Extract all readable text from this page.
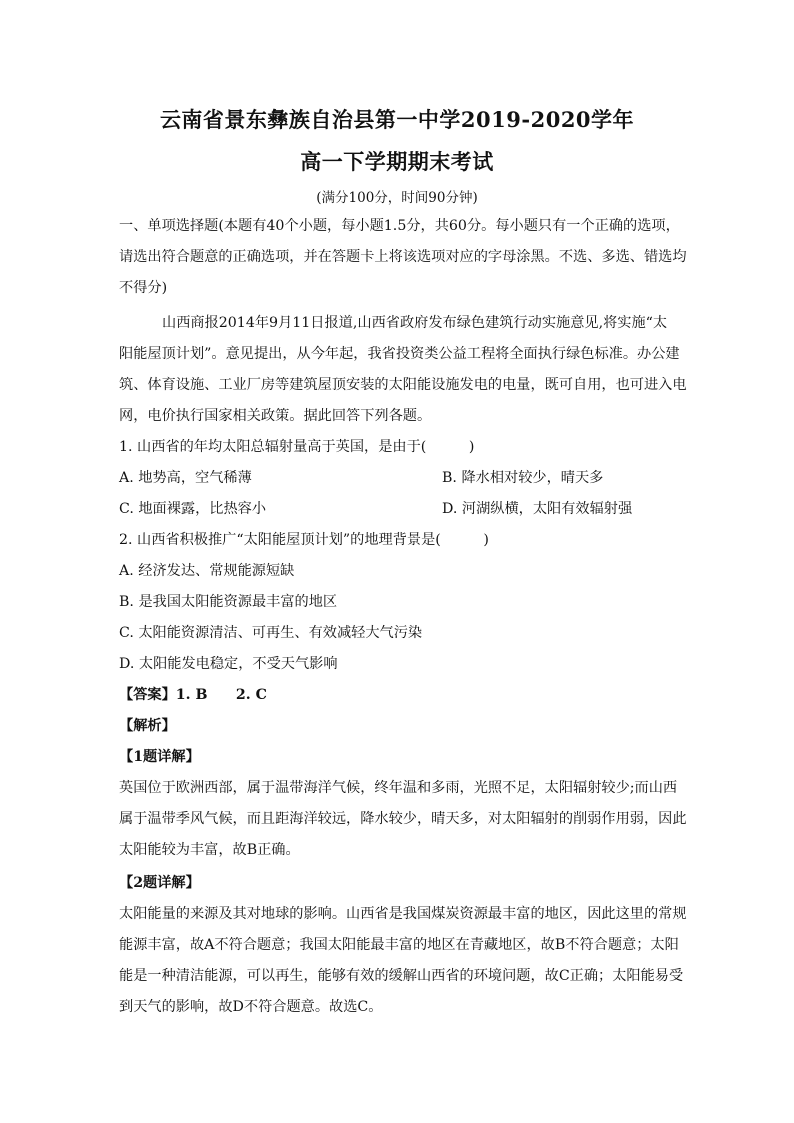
云南省景东彝族自治县第一中学2019-2020学年
高一下学期期末考试
(满分100分，时间90分钟)
一、单项选择题(本题有40个小题，每小题1.5分，共60分。每小题只有一个正确的选项，
请选出符合题意的正确选项，并在答题卡上将该选项对应的字母涂黑。不选、多选、错选均
不得分)
山西商报2014年9月11日报道,山西省政府发布绿色建筑行动实施意见,将实施“太
阳能屋顶计划”。意见提出，从今年起，我省投资类公益工程将全面执行绿色标准。办公建
筑、体育设施、工业厂房等建筑屋顶安装的太阳能设施发电的电量，既可自用，也可进入电
网，电价执行国家相关政策。据此回答下列各题。
1. 山西省的年均太阳总辐射量高于英国，是由于(　　　)
A. 地势高，空气稀薄	B. 降水相对较少，晴天多
C. 地面裸露，比热容小	D. 河湖纵横，太阳有效辐射强
2. 山西省积极推广“太阳能屋顶计划”的地理背景是(　　　)
A. 经济发达、常规能源短缺
B. 是我国太阳能资源最丰富的地区
C. 太阳能资源清洁、可再生、有效减轻大气污染
D. 太阳能发电稳定，不受天气影响
【答案】1. B　　2. C
【解析】
【1题详解】
英国位于欧洲西部，属于温带海洋气候，终年温和多雨，光照不足，太阳辐射较少;而山西
属于温带季风气候，而且距海洋较远，降水较少，晴天多，对太阳辐射的削弱作用弱，因此
太阳能较为丰富，故B正确。
【2题详解】
太阳能量的来源及其对地球的影响。山西省是我国煤炭资源最丰富的地区，因此这里的常规
能源丰富，故A不符合题意；我国太阳能最丰富的地区在青藏地区，故B不符合题意；太阳
能是一种清洁能源，可以再生，能够有效的缓解山西省的环境问题，故C正确；太阳能易受
到天气的影响，故D不符合题意。故选C。
